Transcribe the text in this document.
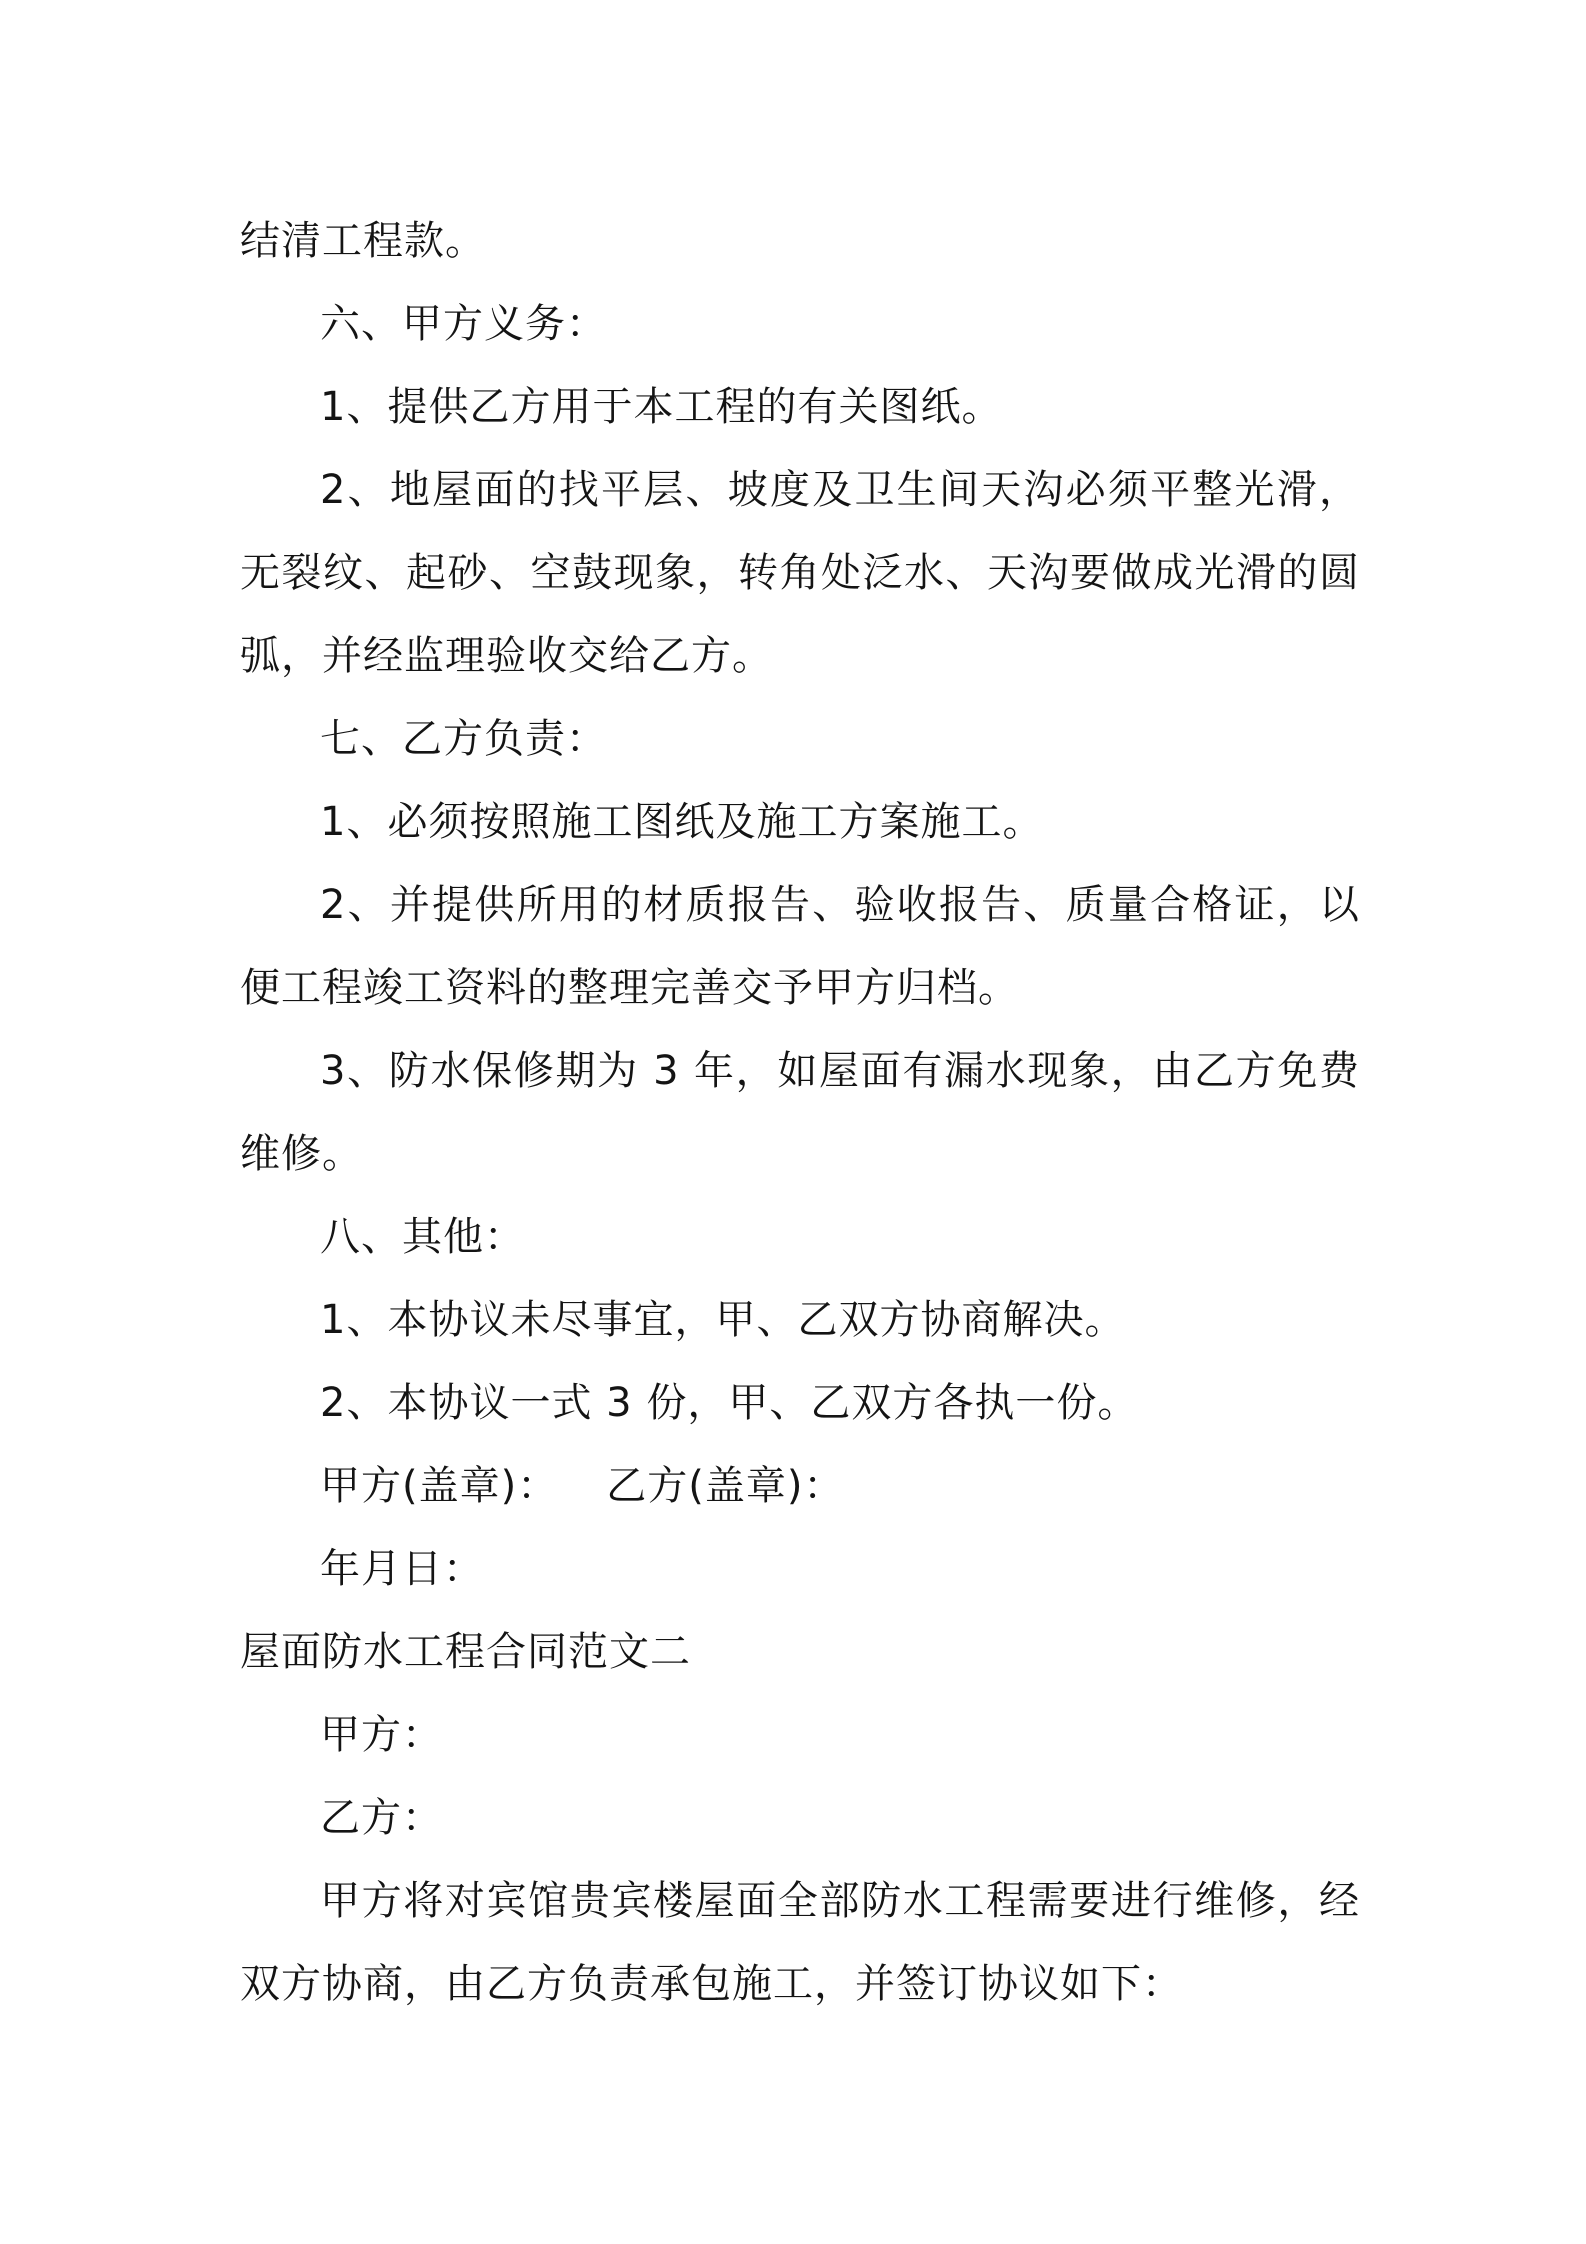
结清工程款。

六、甲方义务：

1、提供乙方用于本工程的有关图纸。

2、地屋面的找平层、坡度及卫生间天沟必须平整光滑，无裂纹、起砂、空鼓现象，转角处泛水、天沟要做成光滑的圆弧，并经监理验收交给乙方。

七、乙方负责：

1、必须按照施工图纸及施工方案施工。

2、并提供所用的材质报告、验收报告、质量合格证，以便工程竣工资料的整理完善交予甲方归档。

3、防水保修期为 3 年，如屋面有漏水现象，由乙方免费维修。

八、其他：

1、本协议未尽事宜，甲、乙双方协商解决。

2、本协议一式 3 份，甲、乙双方各执一份。

甲方(盖章)： 乙方(盖章)：

年月日：

屋面防水工程合同范文二

甲方：

乙方：

甲方将对宾馆贵宾楼屋面全部防水工程需要进行维修，经双方协商，由乙方负责承包施工，并签订协议如下：
